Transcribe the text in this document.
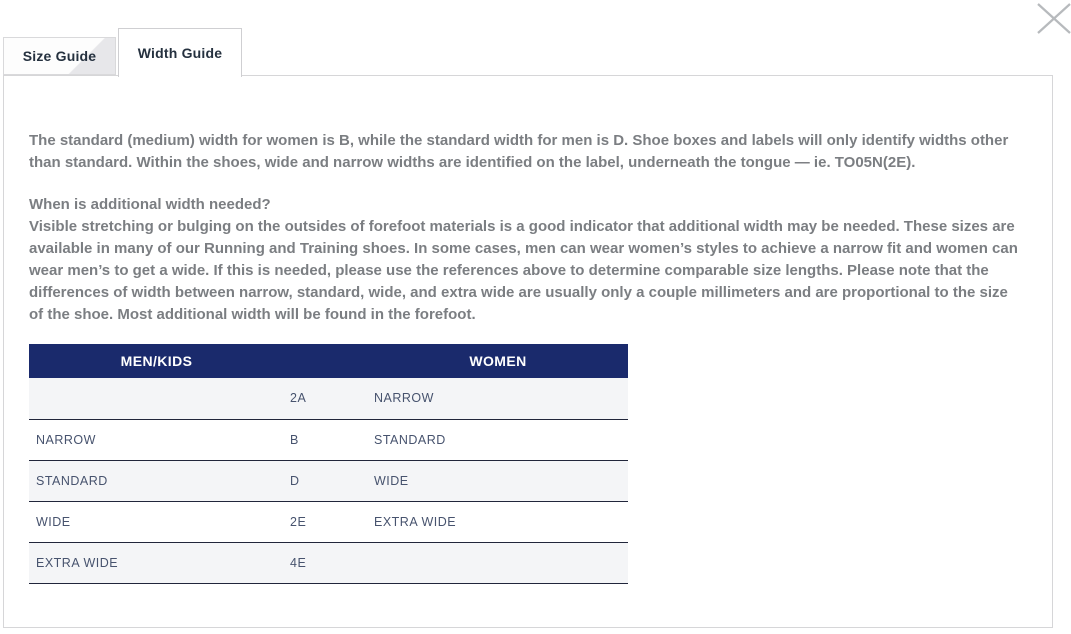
Size Guide	Width Guide

The standard (medium) width for women is B, while the standard width for men is D. Shoe boxes and labels will only identify widths other than standard. Within the shoes, wide and narrow widths are identified on the label, underneath the tongue — ie. TO05N(2E).

When is additional width needed?
Visible stretching or bulging on the outsides of forefoot materials is a good indicator that additional width may be needed. These sizes are available in many of our Running and Training shoes. In some cases, men can wear women’s styles to achieve a narrow fit and women can wear men’s to get a wide. If this is needed, please use the references above to determine comparable size lengths. Please note that the differences of width between narrow, standard, wide, and extra wide are usually only a couple millimeters and are proportional to the size of the shoe. Most additional width will be found in the forefoot.
MEN/KIDS		WOMEN
	2A	NARROW
NARROW	B	STANDARD
STANDARD	D	WIDE
WIDE	2E	EXTRA WIDE
EXTRA WIDE	4E	
